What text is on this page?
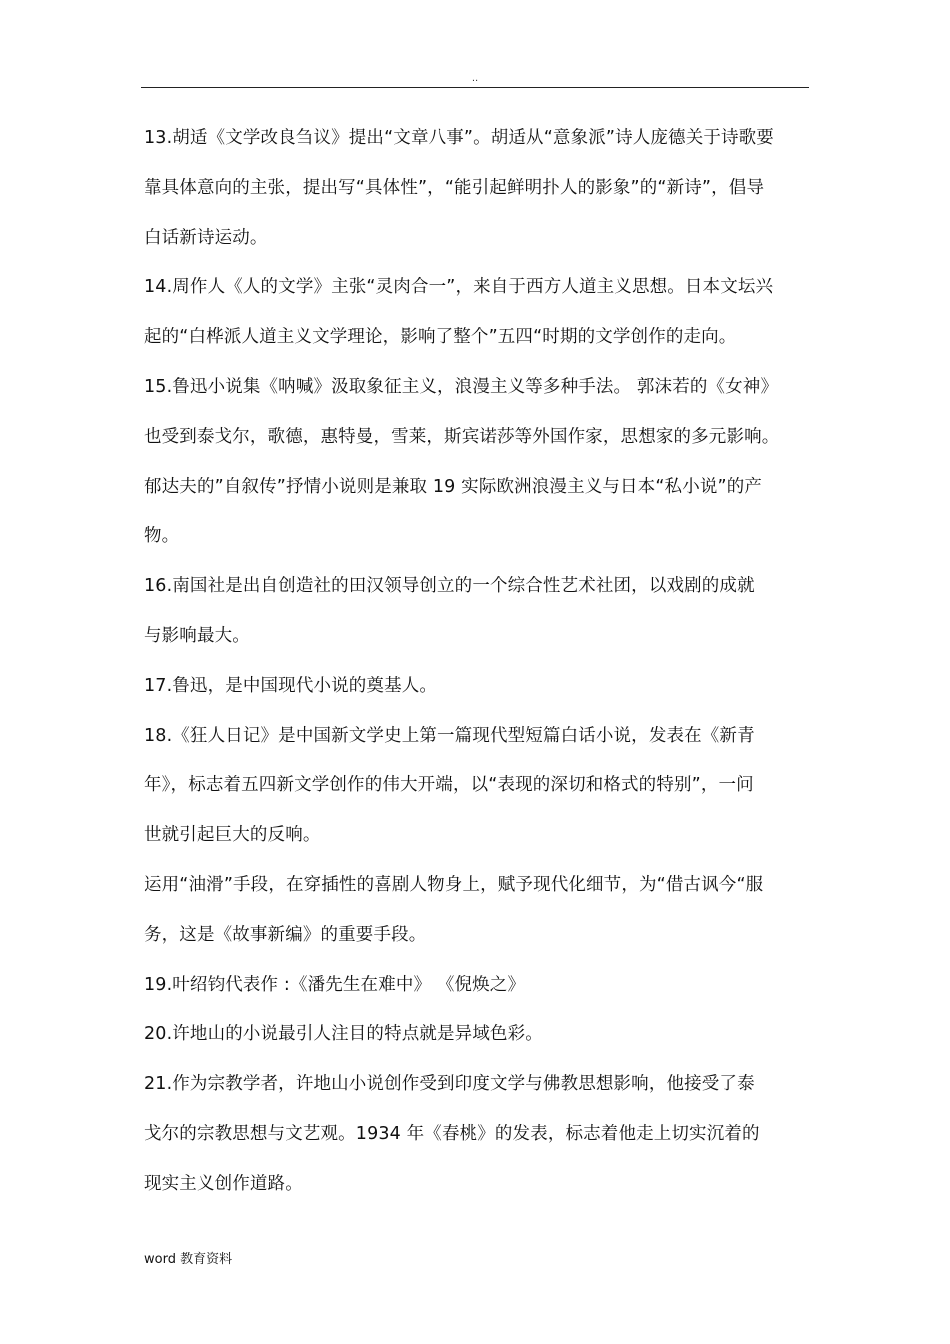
..
13.胡适《文学改良刍议》提出“文章八事”。胡适从“意象派”诗人庞德关于诗歌要
靠具体意向的主张，提出写“具体性”，“能引起鲜明扑人的影象”的“新诗”，倡导
白话新诗运动。
14.周作人《人的文学》主张“灵肉合一”，来自于西方人道主义思想。日本文坛兴
起的“白桦派人道主义文学理论，影响了整个”五四“时期的文学创作的走向。
15.鲁迅小说集《呐喊》汲取象征主义，浪漫主义等多种手法。 郭沫若的《女神》
也受到泰戈尔，歌德，惠特曼，雪莱，斯宾诺莎等外国作家，思想家的多元影响。
郁达夫的”自叙传”抒情小说则是兼取 19 实际欧洲浪漫主义与日本“私小说”的产
物。
16.南国社是出自创造社的田汉领导创立的一个综合性艺术社团，以戏剧的成就
与影响最大。
17.鲁迅，是中国现代小说的奠基人。
18.《狂人日记》是中国新文学史上第一篇现代型短篇白话小说，发表在《新青
年》，标志着五四新文学创作的伟大开端，以“表现的深切和格式的特别”，一问
世就引起巨大的反响。
运用“油滑”手段，在穿插性的喜剧人物身上，赋予现代化细节，为“借古讽今“服
务，这是《故事新编》的重要手段。
19.叶绍钧代表作 :《潘先生在难中》 《倪焕之》
20.许地山的小说最引人注目的特点就是异域色彩。
21.作为宗教学者，许地山小说创作受到印度文学与佛教思想影响，他接受了泰
戈尔的宗教思想与文艺观。1934 年《春桃》的发表，标志着他走上切实沉着的
现实主义创作道路。
word 教育资料
